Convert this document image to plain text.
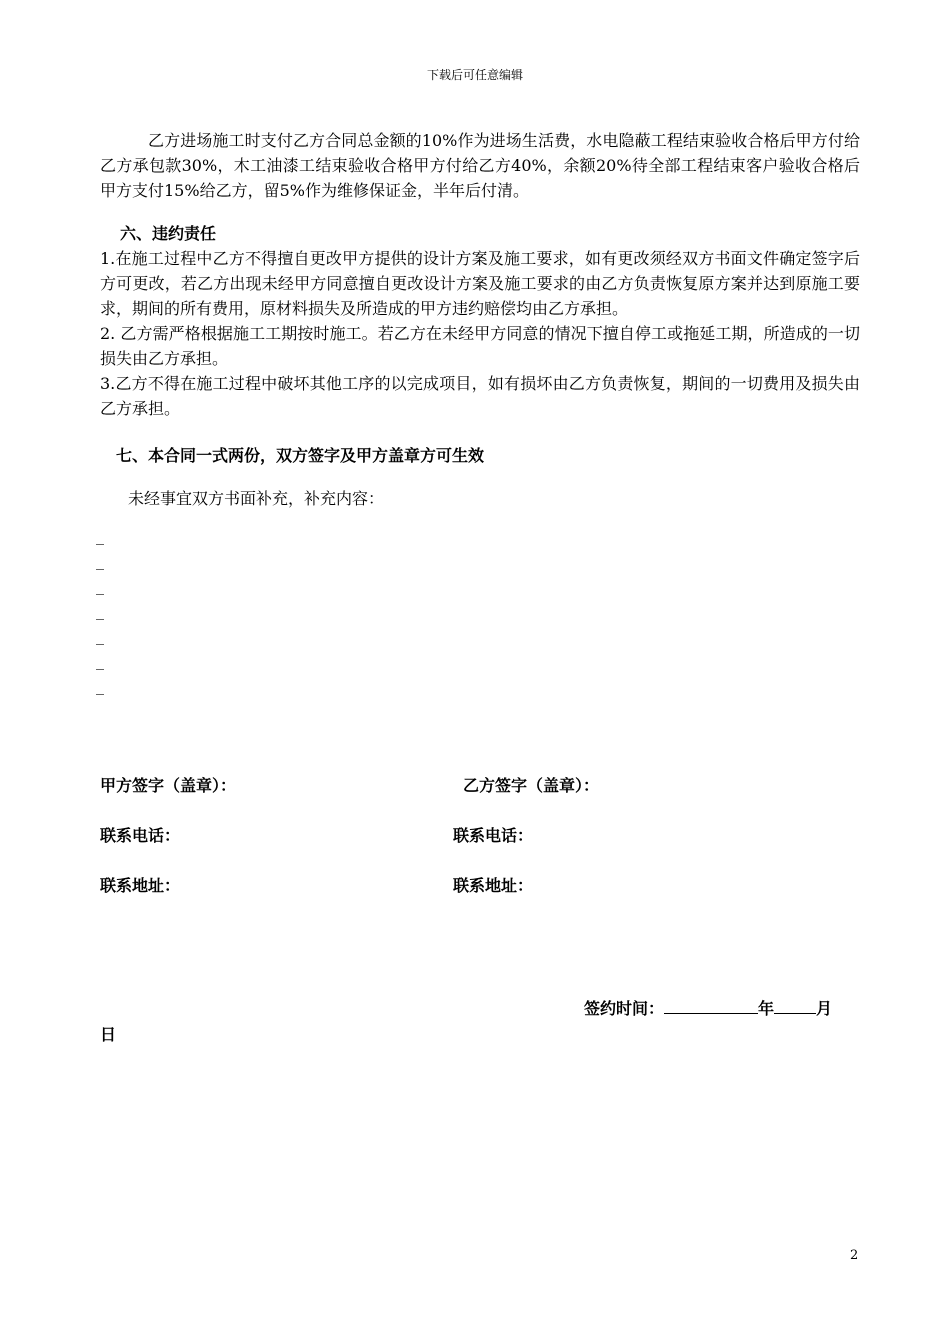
下载后可任意编辑

乙方进场施工时支付乙方合同总金额的10%作为进场生活费，水电隐蔽工程结束验收合格后甲方付给乙方承包款30%，木工油漆工结束验收合格甲方付给乙方40%，余额20%待全部工程结束客户验收合格后甲方支付15%给乙方，留5%作为维修保证金，半年后付清。

六、违约责任

1.在施工过程中乙方不得擅自更改甲方提供的设计方案及施工要求，如有更改须经双方书面文件确定签字后方可更改，若乙方出现未经甲方同意擅自更改设计方案及施工要求的由乙方负责恢复原方案并达到原施工要求，期间的所有费用，原材料损失及所造成的甲方违约赔偿均由乙方承担。

2. 乙方需严格根据施工工期按时施工。若乙方在未经甲方同意的情况下擅自停工或拖延工期，所造成的一切损失由乙方承担。

3.乙方不得在施工过程中破坏其他工序的以完成项目，如有损坏由乙方负责恢复，期间的一切费用及损失由乙方承担。

七、本合同一式两份，双方签字及甲方盖章方可生效

未经事宜双方书面补充，补充内容：

_
_
_
_
_
_
_
甲方签字（盖章）：	乙方签字（盖章）：
联系电话：	联系电话：
联系地址：	联系地址：
签约时间：	年	月
日
2
